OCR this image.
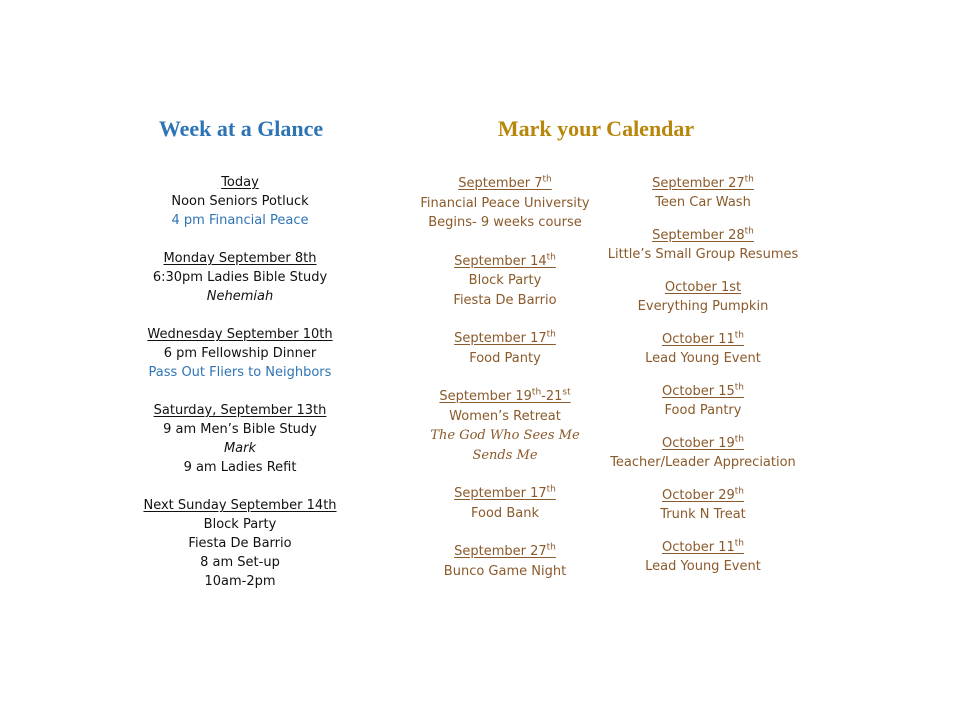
Week at a Glance	Mark your Calendar
Today
Noon Seniors Potluck
4 pm Financial Peace
Monday September 8th
6:30pm Ladies Bible Study
Nehemiah
Wednesday September 10th
6 pm Fellowship Dinner
Pass Out Fliers to Neighbors
Saturday, September 13th
9 am Men’s Bible Study
Mark
9 am Ladies Refit
Next Sunday September 14th
Block Party
Fiesta De Barrio
8 am Set-up
10am-2pm
September 7th
Financial Peace University
Begins- 9 weeks course
September 14th
Block Party
Fiesta De Barrio
September 17th
Food Panty
September 19th-21st
Women’s Retreat
The God Who Sees Me
Sends Me
September 17th
Food Bank
September 27th
Bunco Game Night
September 27th
Teen Car Wash
September 28th
Little’s Small Group Resumes
October 1st
Everything Pumpkin
October 11th
Lead Young Event
October 15th
Food Pantry
October 19th
Teacher/Leader Appreciation
October 29th
Trunk N Treat
October 11th
Lead Young Event
